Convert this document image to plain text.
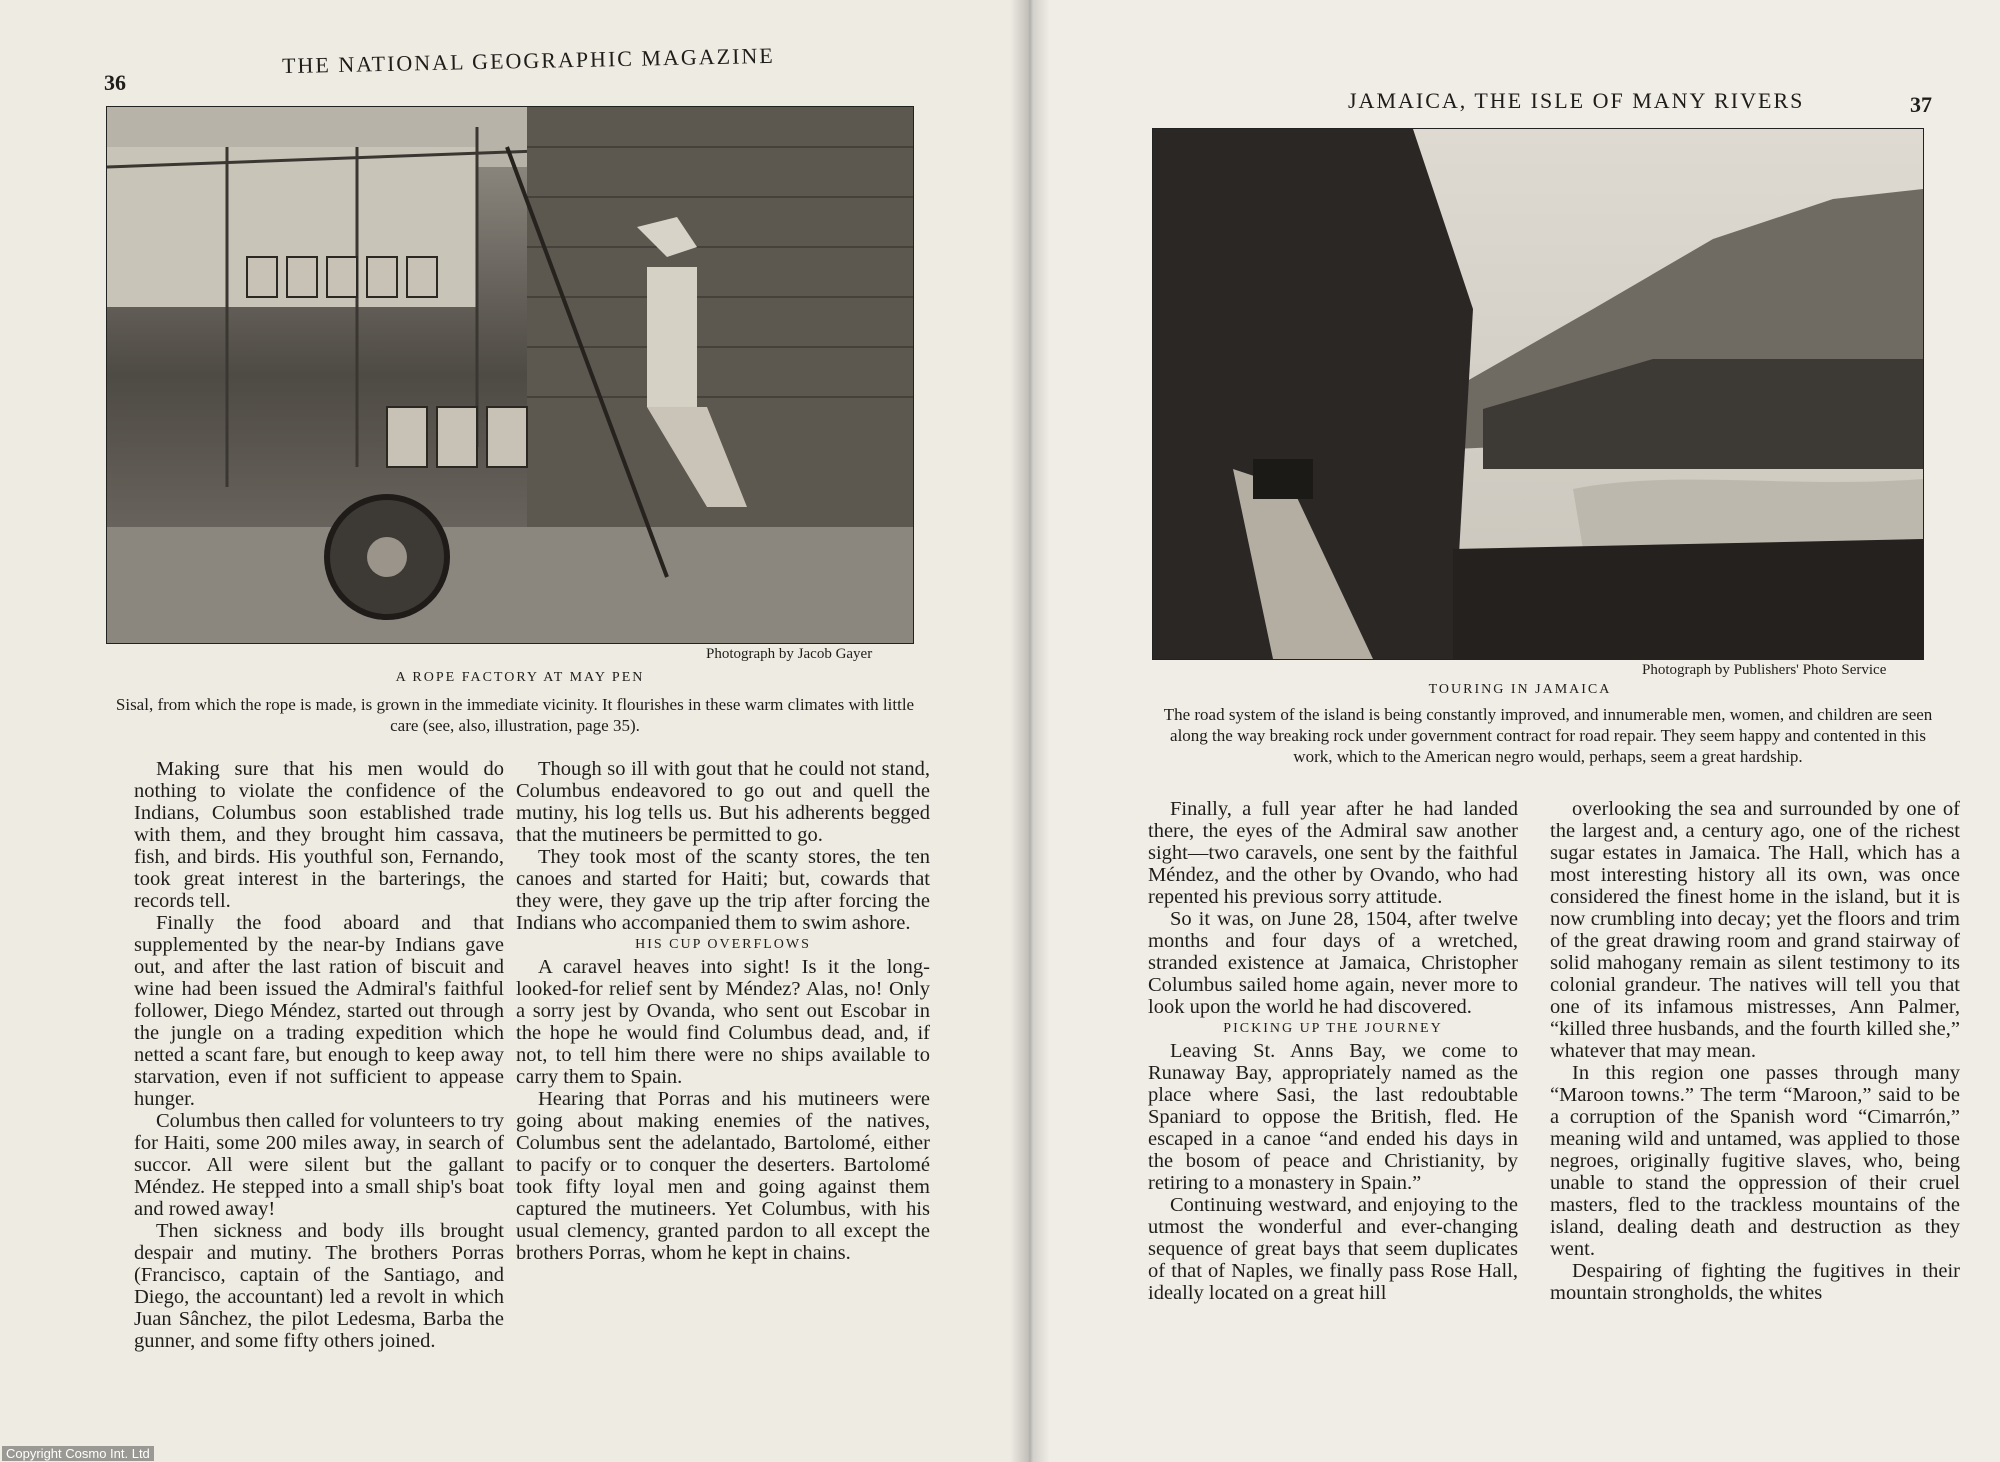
36
THE NATIONAL GEOGRAPHIC MAGAZINE
Photograph by Jacob Gayer
A ROPE FACTORY AT MAY PEN
Sisal, from which the rope is made, is grown in the immediate vicinity. It flourishes in these warm climates with little care (see, also, illustration, page 35).

Making sure that his men would do nothing to violate the confidence of the Indians, Columbus soon established trade with them, and they brought him cassava, fish, and birds. His youthful son, Fernando, took great interest in the barterings, the records tell.

Finally the food aboard and that supplemented by the near-by Indians gave out, and after the last ration of biscuit and wine had been issued the Admiral's faithful follower, Diego Méndez, started out through the jungle on a trading expedition which netted a scant fare, but enough to keep away starvation, even if not sufficient to appease hunger.

Columbus then called for volunteers to try for Haiti, some 200 miles away, in search of succor. All were silent but the gallant Méndez. He stepped into a small ship's boat and rowed away!

Then sickness and body ills brought despair and mutiny. The brothers Porras (Francisco, captain of the Santiago, and Diego, the accountant) led a revolt in which Juan Sânchez, the pilot Ledesma, Barba the gunner, and some fifty others joined.

Though so ill with gout that he could not stand, Columbus endeavored to go out and quell the mutiny, his log tells us. But his adherents begged that the mutineers be permitted to go.

They took most of the scanty stores, the ten canoes and started for Haiti; but, cowards that they were, they gave up the trip after forcing the Indians who accompanied them to swim ashore.

HIS CUP OVERFLOWS

A caravel heaves into sight! Is it the long-looked-for relief sent by Méndez? Alas, no! Only a sorry jest by Ovanda, who sent out Escobar in the hope he would find Columbus dead, and, if not, to tell him there were no ships available to carry them to Spain.

Hearing that Porras and his mutineers were going about making enemies of the natives, Columbus sent the adelantado, Bartolomé, either to pacify or to conquer the deserters. Bartolomé took fifty loyal men and going against them captured the mutineers. Yet Columbus, with his usual clemency, granted pardon to all except the brothers Porras, whom he kept in chains.

Copyright Cosmo Int. Ltd
JAMAICA, THE ISLE OF MANY RIVERS	37
Photograph by Publishers' Photo Service
TOURING IN JAMAICA
The road system of the island is being constantly improved, and innumerable men, women, and children are seen along the way breaking rock under government contract for road repair. They seem happy and contented in this work, which to the American negro would, perhaps, seem a great hardship.

Finally, a full year after he had landed there, the eyes of the Admiral saw another sight—two caravels, one sent by the faithful Méndez, and the other by Ovando, who had repented his previous sorry attitude.

So it was, on June 28, 1504, after twelve months and four days of a wretched, stranded existence at Jamaica, Christopher Columbus sailed home again, never more to look upon the world he had discovered.

PICKING UP THE JOURNEY

Leaving St. Anns Bay, we come to Runaway Bay, appropriately named as the place where Sasi, the last redoubtable Spaniard to oppose the British, fled. He escaped in a canoe “and ended his days in the bosom of peace and Christianity, by retiring to a monastery in Spain.”

Continuing westward, and enjoying to the utmost the wonderful and ever-changing sequence of great bays that seem duplicates of that of Naples, we finally pass Rose Hall, ideally located on a great hill

overlooking the sea and surrounded by one of the largest and, a century ago, one of the richest sugar estates in Jamaica. The Hall, which has a most interesting history all its own, was once considered the finest home in the island, but it is now crumbling into decay; yet the floors and trim of the great drawing room and grand stairway of solid mahogany remain as silent testimony to its colonial grandeur. The natives will tell you that one of its infamous mistresses, Ann Palmer, “killed three husbands, and the fourth killed she,” whatever that may mean.

In this region one passes through many “Maroon towns.” The term “Maroon,” said to be a corruption of the Spanish word “Cimarrón,” meaning wild and untamed, was applied to those negroes, originally fugitive slaves, who, being unable to stand the oppression of their cruel masters, fled to the trackless mountains of the island, dealing death and destruction as they went.

Despairing of fighting the fugitives in their mountain strongholds, the whites
